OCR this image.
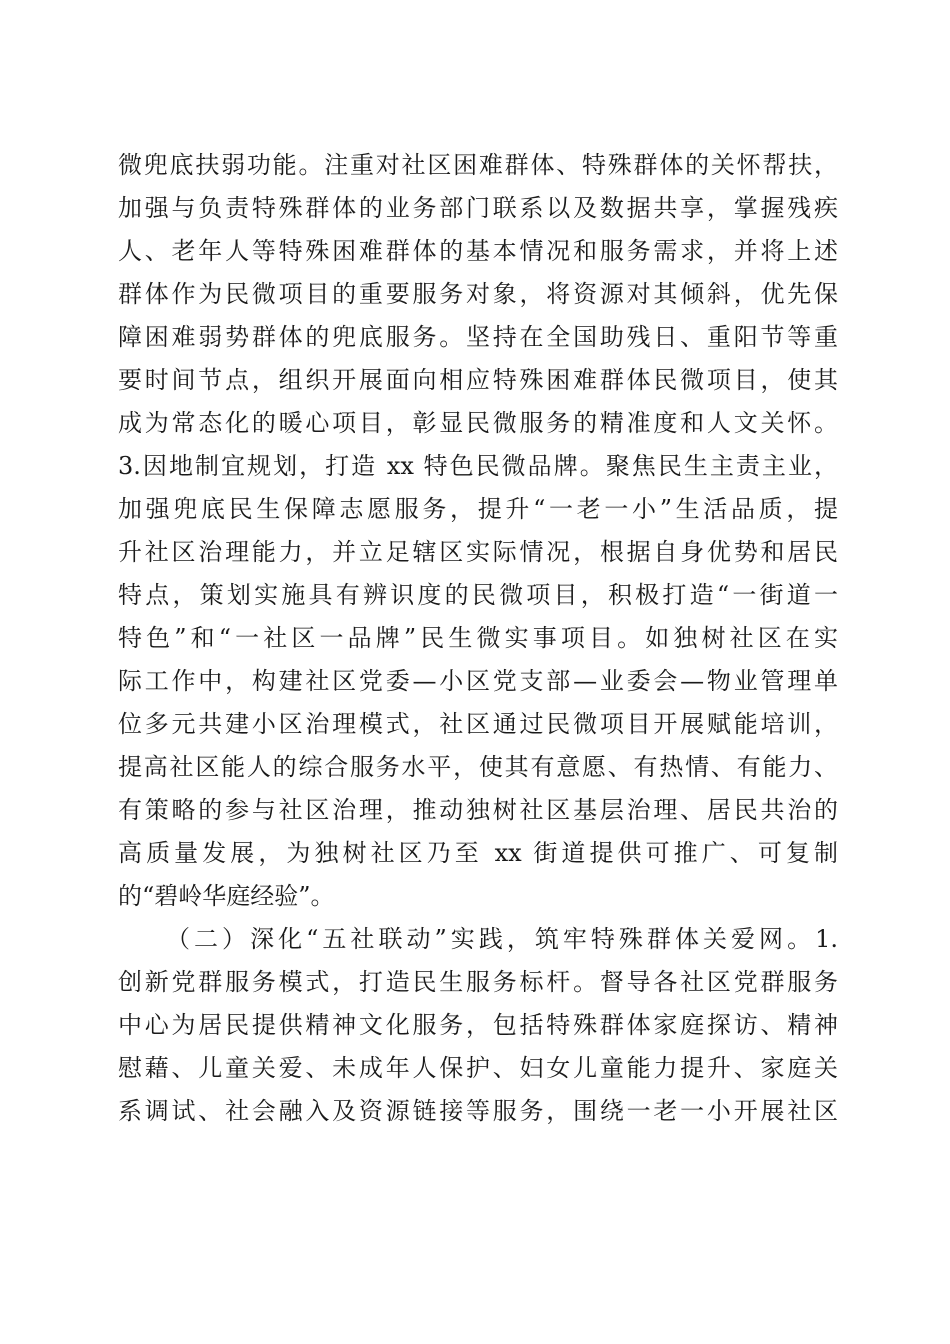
微兜底扶弱功能。注重对社区困难群体、特殊群体的关怀帮扶，
加强与负责特殊群体的业务部门联系以及数据共享，掌握残疾
人、老年人等特殊困难群体的基本情况和服务需求，并将上述
群体作为民微项目的重要服务对象，将资源对其倾斜，优先保
障困难弱势群体的兜底服务。坚持在全国助残日、重阳节等重
要时间节点，组织开展面向相应特殊困难群体民微项目，使其
成为常态化的暖心项目，彰显民微服务的精准度和人文关怀。
3.因地制宜规划，打造 xx 特色民微品牌。聚焦民生主责主业，
加强兜底民生保障志愿服务，提升“一老一小”生活品质，提
升社区治理能力，并立足辖区实际情况，根据自身优势和居民
特点，策划实施具有辨识度的民微项目，积极打造“一街道一
特色”和“一社区一品牌”民生微实事项目。如独树社区在实
际工作中，构建社区党委—小区党支部—业委会—物业管理单
位多元共建小区治理模式，社区通过民微项目开展赋能培训，
提高社区能人的综合服务水平，使其有意愿、有热情、有能力、
有策略的参与社区治理，推动独树社区基层治理、居民共治的
高质量发展，为独树社区乃至 xx 街道提供可推广、可复制
的“碧岭华庭经验”。
（二）深化“五社联动”实践，筑牢特殊群体关爱网。1.
创新党群服务模式，打造民生服务标杆。督导各社区党群服务
中心为居民提供精神文化服务，包括特殊群体家庭探访、精神
慰藉、儿童关爱、未成年人保护、妇女儿童能力提升、家庭关
系调试、社会融入及资源链接等服务，围绕一老一小开展社区
